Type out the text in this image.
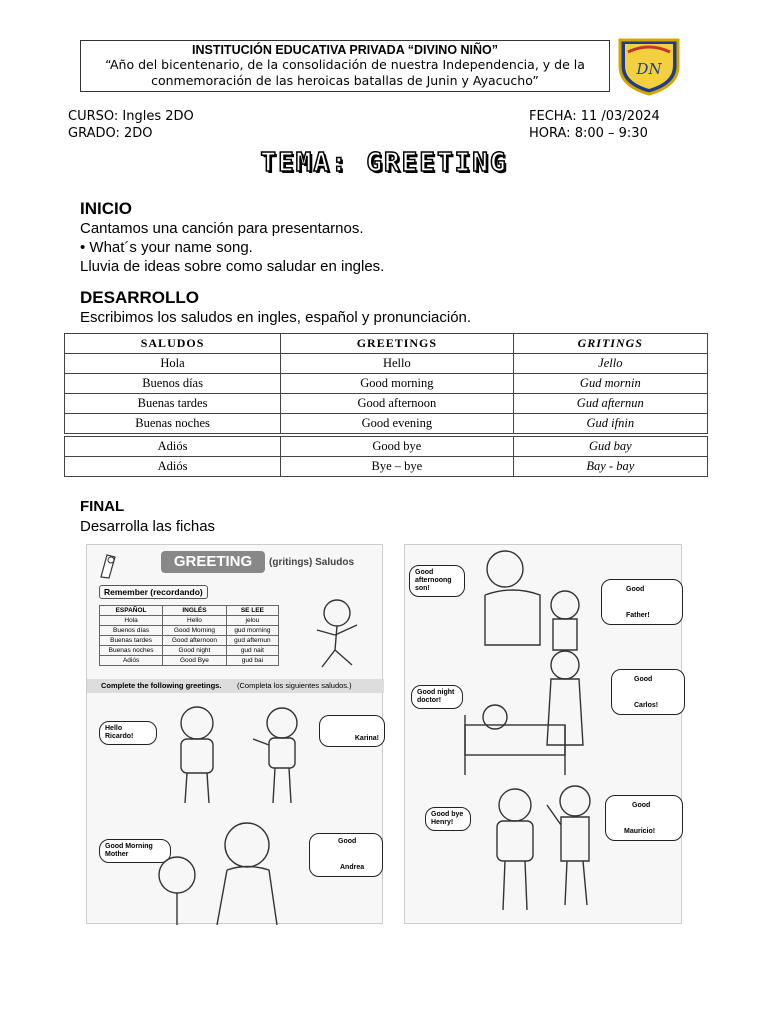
INSTITUCIÓN EDUCATIVA PRIVADA “DIVINO NIÑO”
“Año del bicentenario, de la consolidación de nuestra Independencia, y de la
conmemoración de las heroicas batallas de Junin y Ayacucho”
DN
CURSO: Ingles 2DO
GRADO: 2DO
FECHA: 11 /03/2024
HORA: 8:00 – 9:30
TEMA: GREETING
INICIO
Cantamos una canción para presentarnos.
• What´s your name song.
Lluvia de ideas sobre como saludar en ingles.
DESARROLLO
Escribimos los saludos en ingles, español y pronunciación.
SALUDOS	GREETINGS	GRITINGS
Hola	Hello	Jello
Buenos días	Good morning	Gud mornin
Buenas tardes	Good afternoon	Gud afternun
Buenas noches	Good evening	Gud ifnin

Adiós	Good bye	Gud bay
Adiós	Bye – bye	Bay - bay
FINAL
Desarrolla las fichas
GREETING	(gritings) Saludos
Remember (recordando)
ESPAÑOL	INGLÉS	SE LEE
Hola	Hello	jelou
Buenos días	Good Morning	gud morning
Buenas tardes	Good afternoon	gud afternun
Buenas noches	Good night	gud nait
Adiós	Good Bye	gud bai
Complete the following greetings. (Completa los siguientes saludos.)
Hello Ricardo!	Karina!
Good Morning Mother
Good
Andrea
Good afternoong son!	Good
Father!
Good night doctor!
Good
Carlos!
Good bye Henry!
Good
Mauricio!
